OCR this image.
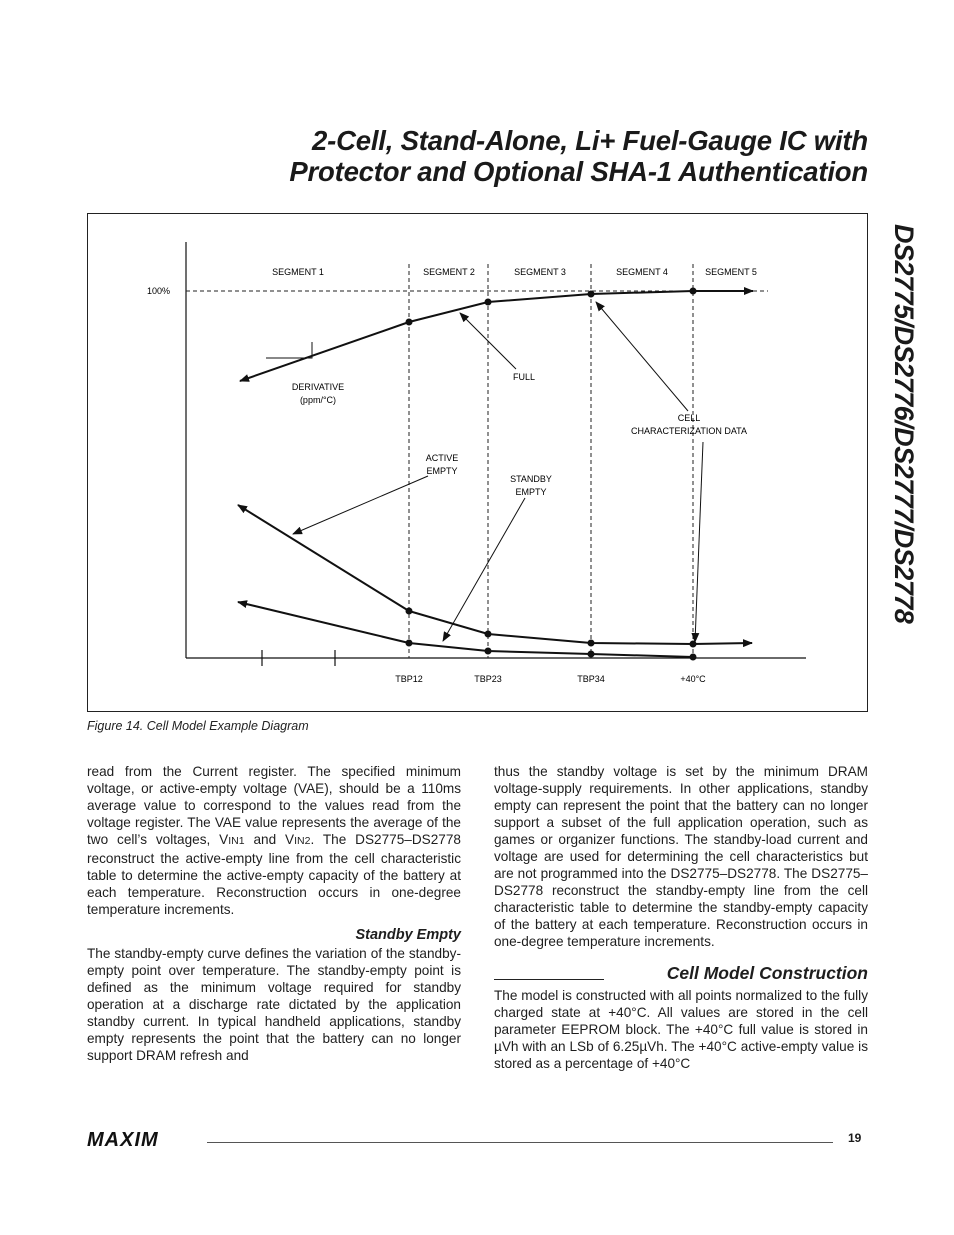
2-Cell, Stand-Alone, Li+ Fuel-Gauge IC with
Protector and Optional SHA-1 Authentication
DS2775/DS2776/DS2777/DS2778
100%
SEGMENT 1	SEGMENT 2	SEGMENT 3	SEGMENT 4	SEGMENT 5
TBP12	TBP23	TBP34	+40°C
DERIVATIVE
(ppm/°C)
FULL
CELL
CHARACTERIZATION DATA
ACTIVE
EMPTY
STANDBY
EMPTY
Figure 14. Cell Model Example Diagram

read from the Current register. The specified minimum voltage, or active-empty voltage (VAE), should be a 110ms average value to correspond to the values read from the voltage register. The VAE value represents the average of the two cell’s voltages, VIN1 and VIN2. The DS2775–DS2778 reconstruct the active-empty line from the cell characteristic table to determine the active-empty capacity of the battery at each temperature. Reconstruction occurs in one-degree temperature increments.

Standby Empty

The standby-empty curve defines the variation of the standby-empty point over temperature. The standby-empty point is defined as the minimum voltage required for standby operation at a discharge rate dictated by the application standby current. In typical handheld applications, standby empty represents the point that the battery can no longer support DRAM refresh and

thus the standby voltage is set by the minimum DRAM voltage-supply requirements. In other applications, standby empty can represent the point that the battery can no longer support a subset of the full application operation, such as games or organizer functions. The standby-load current and voltage are used for determining the cell characteristics but are not programmed into the DS2775–DS2778. The DS2775–DS2778 reconstruct the standby-empty line from the cell characteristic table to determine the standby-empty capacity of the battery at each temperature. Reconstruction occurs in one-degree temperature increments.

Cell Model Construction

The model is constructed with all points normalized to the fully charged state at +40°C. All values are stored in the cell parameter EEPROM block. The +40°C full value is stored in µVh with an LSb of 6.25µVh. The +40°C active-empty value is stored as a percentage of +40°C

MAXIM	19
